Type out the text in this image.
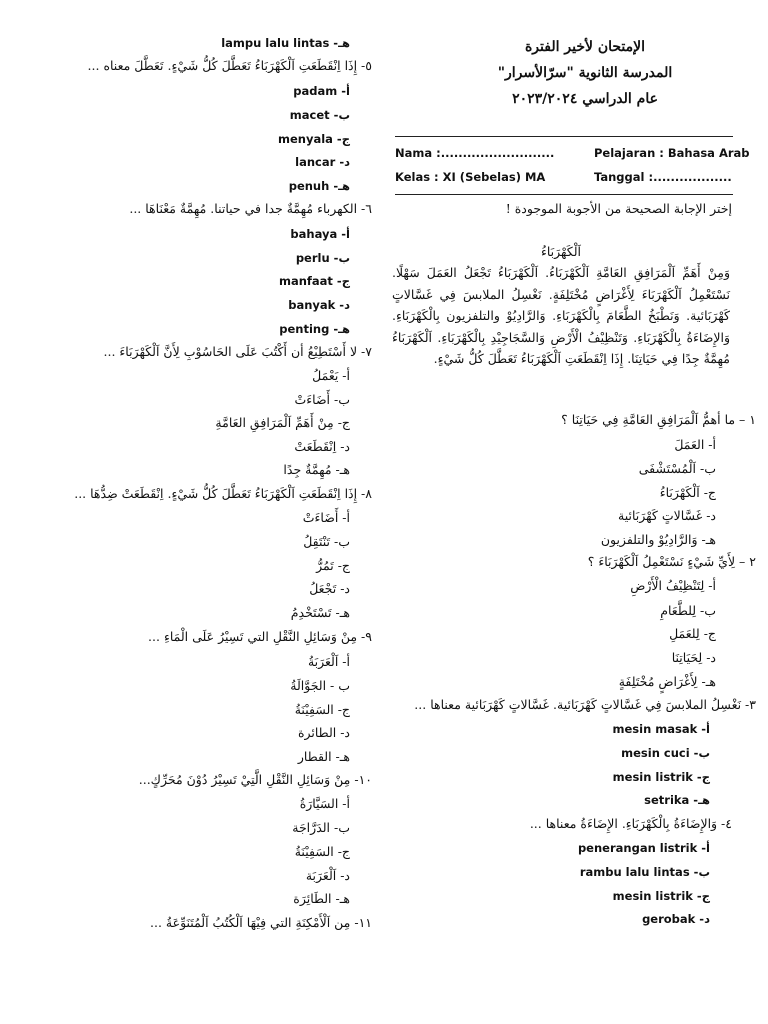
lampu lalu lintas -هـ
٥- إِذَا اِنْقَطَعَتِ اَلْكَهْرَبَاءُ تَعَطَّلَ كُلُّ شَيْءٍ. تَعَطَّلَ معناه ...
padam -أ
macet -ب
menyala -ج
lancar -د
penuh -هـ
٦- الكهرباء مُهِمَّةٌ جدا في حياتنا. مُهِمَّةٌ مَعْنَاهَا ...
bahaya -أ
perlu -ب
manfaat -ج
banyak -د
penting -هـ
٧- لا أَسْتَطِيْعُ أن أَكْتُبَ عَلَى الحَاسُوْبِ لِأَنَّ اَلْكَهْرَبَاءَ ...
أ- يَعْمَلُ
ب- أَضَاءَتْ
ج- مِنْ أَهَمِّ اَلْمَرَافِقِ العَامَّةِ
د- اِنْقَطَعَتْ
هـ- مُهِمَّةٌ جِدًا
٨- إِذَا اِنْقَطَعَتِ اَلْكَهْرَبَاءُ تَعَطَّلَ كُلُّ شَيْءٍ. اِنْقَطَعَتْ ضِدُّهَا ...
أ- أَضَاءَتْ
ب- تَنْتَقِلُ
ج- تَمُرُّ
د- تَجْعَلُ
هـ- تَسْتَخْدِمُ
٩- مِنْ وَسَائِلِ النَّقْلِ التي تَسِيْرُ عَلَى الْمَاءِ ...
أ- اَلْعَرَبَةُ
ب - الجَوَّالَةُ
ج- السَفِيْنَةُ
د- الطائرة
هـ- القطار
١٠- مِنْ وَسَائِلِ النَّقْلِ الَّتِيْ تَسِيْرُ دُوْنَ مُحَرِّكٍ...
أ- السَيَّارَةُ
ب- الدَرَّاجَة
ج- السَفِيْنَةُ
د- اَلْعَرَبَة
هـ- الطَائِرَة
١١- مِن اَلْأَمْكِنَةِ التي فِيْهَا اَلْكُتُبُ اَلْمُتَنَوِّعَةُ ...
الإمتحان لأخير الفترة
المدرسة الثانوية "سرّالأسرار"
عام الدراسي ٢٠٢٣/٢٠٢٤
Nama :..........................	Pelajaran : Bahasa Arab
Kelas : XI (Sebelas) MA	Tanggal :..................
إختر الإجابة الصحيحة من الأجوبة الموجودة !
اَلْكَهْرَبَاءُ
وَمِنْ أَهَمِّ اَلْمَرَافِقِ العَامَّةِ اَلْكَهْرَبَاءُ. اَلْكَهْرَبَاءُ تَجْعَلُ العَمَلَ سَهْلًا. نَسْتَعْمِلُ اَلْكَهْرَبَاءَ لِأَغْرَاضٍ مُخْتَلِفَةٍ. نَغْسِلُ الملابسَ فِي غَسَّالاتٍ كَهْرَبَائية. وَنَطْبَخُ الطَّعَامَ بِالْكَهْرَبَاءِ. وَالرَّادِيُوْ والتلفزيون بِالْكَهْرَبَاءِ. وَالإِضَاءَةُ بِالْكَهْرَبَاءِ. وَتَنْظِيْفُ الْأَرْضِ وَالسَّجَاجِيْدِ بِالْكَهْرَبَاءِ. اَلْكَهْرَبَاءُ مُهِمَّةٌ جِدًا فِي حَيَاتِنَا. إِذَا اِنْقَطَعَتِ اَلْكَهْرَبَاءُ تَعَطَّلَ كُلُّ شَيْءٍ.
١ – ما أهمُّ اَلْمَرَافِقِ العَامَّةِ فِي حَيَاتِنَا ؟
أ- العَمَلَ
ب- اَلْمُسْتَشْفَى
ج- اَلْكَهْرَبَاءُ
د- غَسَّالاتٍ كَهْرَبَائية
هـ- وَالرَّادِيُوْ والتلفزيون
٢ – لِأَيِّ شَيْءٍ نَسْتَعْمِلُ اَلْكَهْرَبَاءَ ؟
أ- لِتَنْظِيْفُ الْأَرْضِ
ب- لِلطَّعَامِ
ج- لِلعَمَلِ
د- لِحَيَاتِنَا
هـ- لِأَغْرَاضٍ مُخْتَلِفَةٍ
٣- نَغْسِلُ الملابسَ فِي غَسَّالاتٍ كَهْرَبَائية. غَسَّالاتٍ كَهْرَبَائية معناها ...
mesin masak -أ
mesin cuci -ب
mesin listrik -ج
setrika -هـ
٤- وَالإِضَاءَةُ بِالْكَهْرَبَاءِ. الإِضَاءَةُ معناها ...
penerangan listrik -أ
rambu lalu lintas -ب
mesin listrik -ج
gerobak -د
